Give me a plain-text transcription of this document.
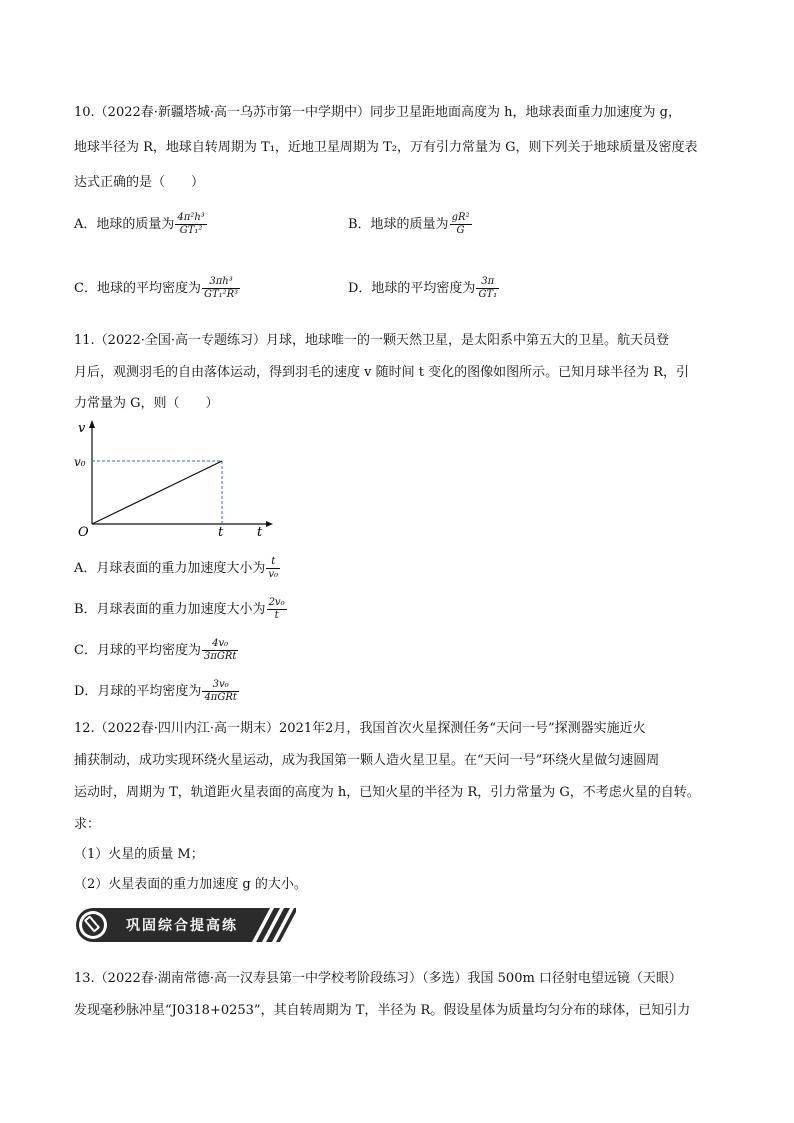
10.（2022春·新疆塔城·高一乌苏市第一中学期中）同步卫星距地面高度为 h，地球表面重力加速度为 g，
地球半径为 R，地球自转周期为 T₁，近地卫星周期为 T₂，万有引力常量为 G，则下列关于地球质量及密度表
达式正确的是（　　）
A．地球的质量为 $\frac{\text{4π²h³}}{\text{GT₁²}}$	B．地球的质量为 $\frac{\text{gR²}}{G}$
C．地球的平均密度为 $\frac{\text{3πh³}}{\text{GT₁²R³}}$	D．地球的平均密度为 $\frac{3\pi}{\text{GT₁}}$
11.（2022·全国·高一专题练习）月球，地球唯一的一颗天然卫星，是太阳系中第五大的卫星。航天员登
月后，观测羽毛的自由落体运动，得到羽毛的速度 v 随时间 t 变化的图像如图所示。已知月球半径为 R，引
力常量为 G，则（　　）
v
v₀
O	t	t
A．月球表面的重力加速度大小为 $\frac{t}{\text{v₀}}$
B．月球表面的重力加速度大小为 $\frac{\text{2v₀}}{t}$
C．月球的平均密度为 $\frac{\text{4v₀}}{\text{3πGRt}}$
D．月球的平均密度为 $\frac{\text{3v₀}}{\text{4πGRt}}$
12.（2022春·四川内江·高一期末）2021年2月，我国首次火星探测任务“天问一号”探测器实施近火
捕获制动，成功实现环绕火星运动，成为我国第一颗人造火星卫星。在“天问一号”环绕火星做匀速圆周
运动时，周期为 T，轨道距火星表面的高度为 h，已知火星的半径为 R，引力常量为 G，不考虑火星的自转。
求：
（1）火星的质量 M；
（2）火星表面的重力加速度 g 的大小。
巩固综合提高练
13.（2022春·湖南常德·高一汉寿县第一中学校考阶段练习）（多选）我国 500m 口径射电望远镜（天眼）
发现毫秒脉冲星“J0318+0253”，其自转周期为 T，半径为 R。假设星体为质量均匀分布的球体，已知引力
